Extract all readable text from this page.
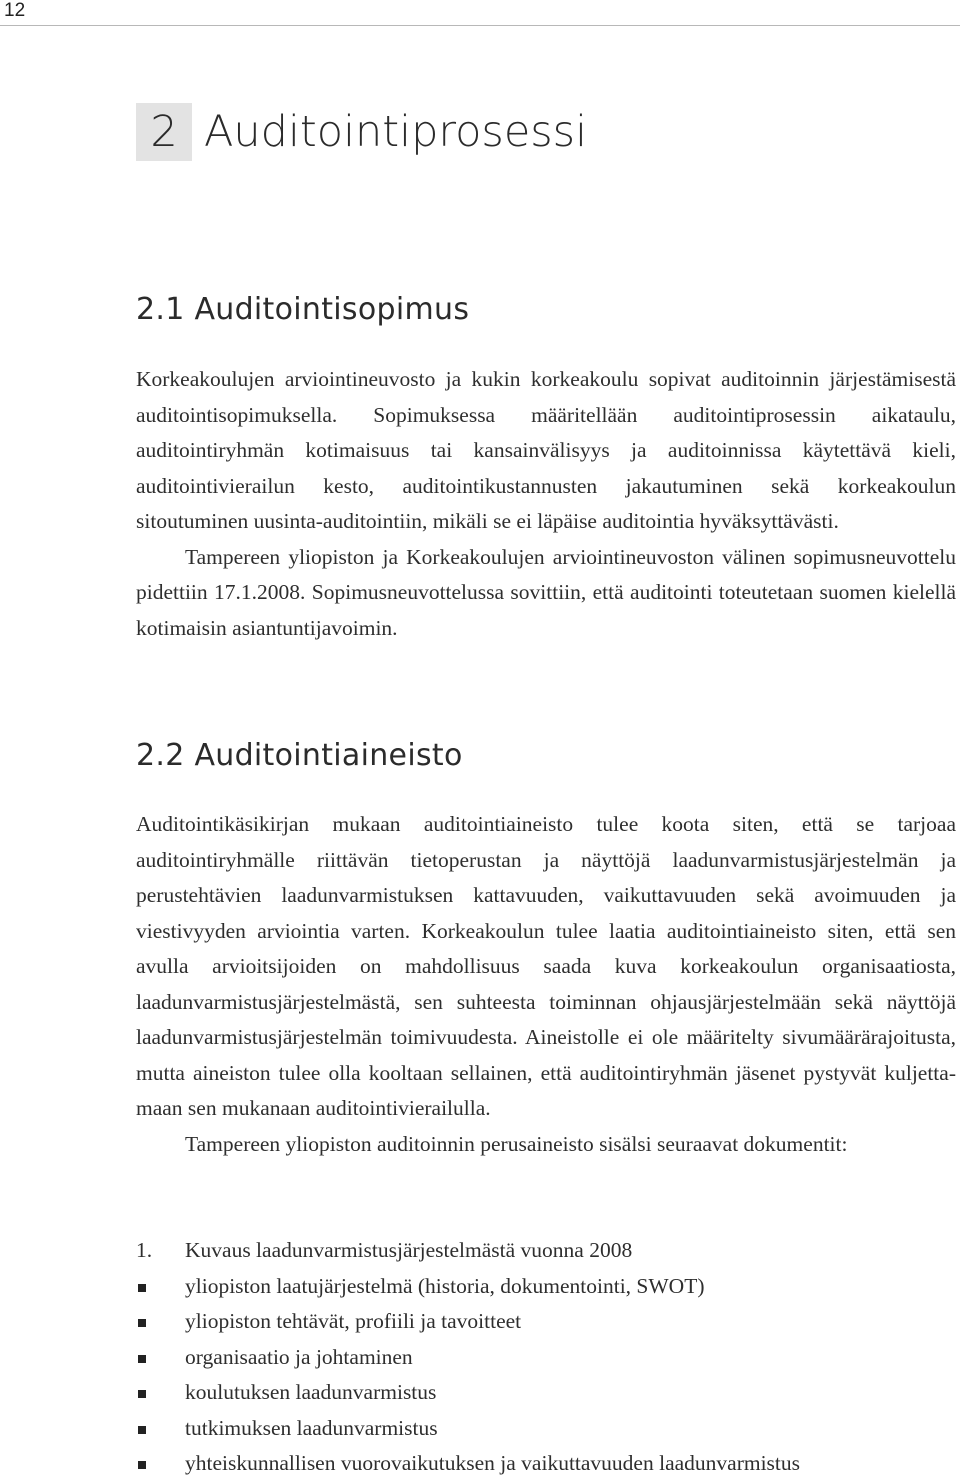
12
2 Auditointiprosessi
2.1 Auditointisopimus

Korkeakoulujen arviointineuvosto ja kukin korkeakoulu sopivat auditoinnin järjestämisestä auditointisopimuksella. Sopimuksessa määritellään auditointiprosessin aikataulu, auditointiryhmän kotimaisuus tai kansainvälisyys ja auditoinnissa käytettävä kieli, auditointivierailun kesto, auditointikustannusten jakautuminen sekä korkeakoulun sitoutuminen uusinta-auditointiin, mikäli se ei läpäise auditointia hyväksyttävästi.

Tampereen yliopiston ja Korkeakoulujen arviointineuvoston välinen sopimusneuvottelu pidettiin 17.1.2008. Sopimusneuvottelussa sovittiin, että auditointi toteutetaan suomen kielellä kotimaisin asiantuntijavoimin.

2.2 Auditointiaineisto

Auditointikäsikirjan mukaan auditointiaineisto tulee koota siten, että se tarjoaa auditointiryhmälle riittävän tietoperustan ja näyttöjä laadunvarmistusjärjestelmän ja perustehtävien laadunvarmistuksen kattavuuden, vaikuttavuuden sekä avoimuuden ja viestivyyden arviointia varten. Korkeakoulun tulee laatia auditointiaineisto siten, että sen avulla arvioitsijoiden on mahdollisuus saada kuva korkeakoulun organisaatiosta, laadunvarmistusjärjestelmästä, sen suhteesta toiminnan ohjausjärjestelmään sekä näyttöjä laadunvarmistusjärjestelmän toimivuudesta. Aineistolle ei ole määritelty sivumäärärajoitusta, mutta aineiston tulee olla kooltaan sellainen, että auditointiryhmän jäsenet pystyvät kuljettamaan sen mukanaan auditointivierailulla.

Tampereen yliopiston auditoinnin perusaineisto sisälsi seuraavat dokumentit:

1. Kuvaus laadunvarmistusjärjestelmästä vuonna 2008
yliopiston laatujärjestelmä (historia, dokumentointi, SWOT)
yliopiston tehtävät, profiili ja tavoitteet
organisaatio ja johtaminen
koulutuksen laadunvarmistus
tutkimuksen laadunvarmistus
yhteiskunnallisen vuorovaikutuksen ja vaikuttavuuden laadunvarmistus
